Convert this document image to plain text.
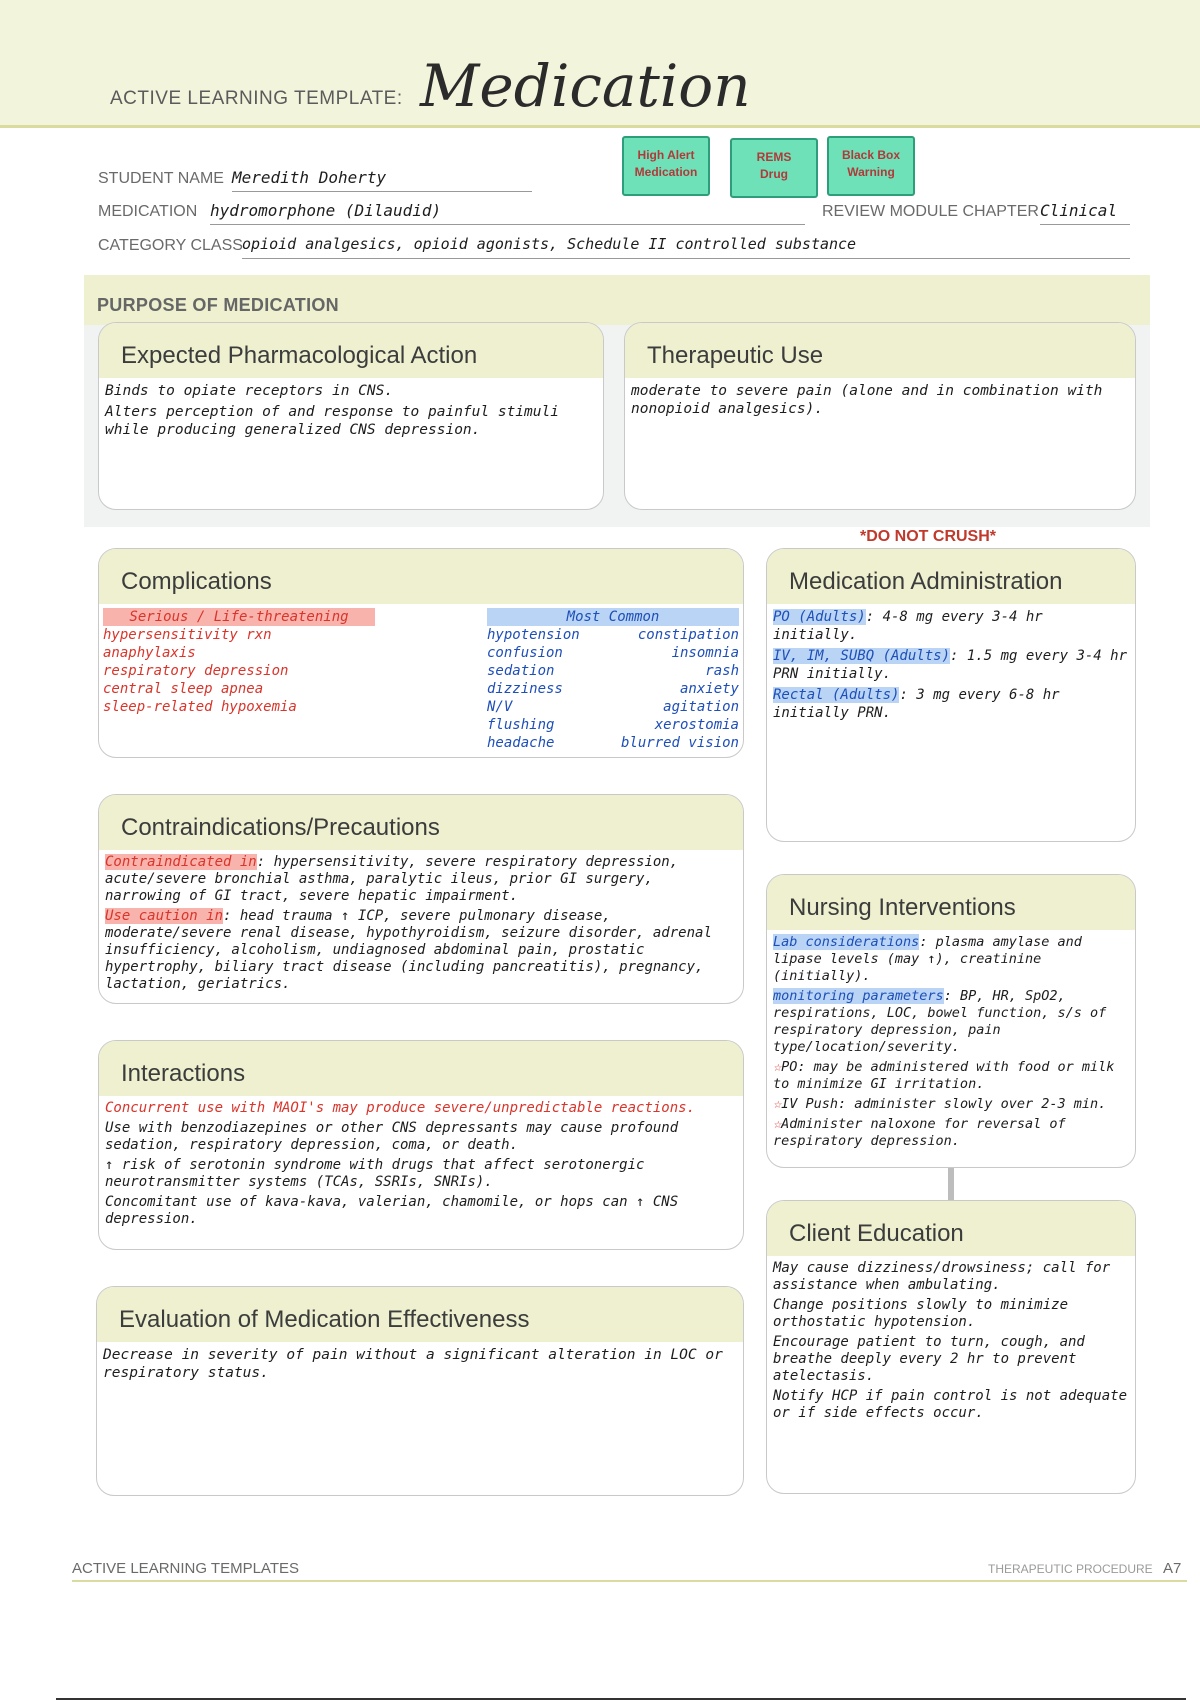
ACTIVE LEARNING TEMPLATE: Medication
High Alert
Medication
REMS
Drug
Black Box
Warning
STUDENT NAME Meredith Doherty
MEDICATION hydromorphone (Dilaudid)	REVIEW MODULE CHAPTER Clinical
CATEGORY CLASS opioid analgesics, opioid agonists, Schedule II controlled substance
PURPOSE OF MEDICATION
Expected Pharmacological Action

Binds to opiate receptors in CNS.

Alters perception of and response to painful stimuli while producing generalized CNS depression.

Therapeutic Use

moderate to severe pain (alone and in combination with nonopioid analgesics).

*DO NOT CRUSH*
Complications
Serious / Life-threatening
hypersensitivity rxn
anaphylaxis
respiratory depression
central sleep apnea
sleep-related hypoxemia
Most Common
hypotension
confusion
sedation
dizziness
N/V
flushing
headache
constipation
insomnia
rash
anxiety
agitation
xerostomia
blurred vision
Medication Administration

PO (Adults): 4-8 mg every 3-4 hr initially.

IV, IM, SUBQ (Adults): 1.5 mg every 3-4 hr PRN initially.

Rectal (Adults): 3 mg every 6-8 hr initially PRN.

Contraindications/Precautions

Contraindicated in: hypersensitivity, severe respiratory depression, acute/severe bronchial asthma, paralytic ileus, prior GI surgery, narrowing of GI tract, severe hepatic impairment.

Use caution in: head trauma ↑ ICP, severe pulmonary disease, moderate/severe renal disease, hypothyroidism, seizure disorder, adrenal insufficiency, alcoholism, undiagnosed abdominal pain, prostatic hypertrophy, biliary tract disease (including pancreatitis), pregnancy, lactation, geriatrics.

Nursing Interventions

Lab considerations: plasma amylase and lipase levels (may ↑), creatinine (initially).

monitoring parameters: BP, HR, SpO2, respirations, LOC, bowel function, s/s of respiratory depression, pain type/location/severity.

☆PO: may be administered with food or milk to minimize GI irritation.

☆IV Push: administer slowly over 2-3 min.

☆Administer naloxone for reversal of respiratory depression.

Interactions

Concurrent use with MAOI's may produce severe/unpredictable reactions.

Use with benzodiazepines or other CNS depressants may cause profound sedation, respiratory depression, coma, or death.

↑ risk of serotonin syndrome with drugs that affect serotonergic neurotransmitter systems (TCAs, SSRIs, SNRIs).

Concomitant use of kava-kava, valerian, chamomile, or hops can ↑ CNS depression.

Client Education

May cause dizziness/drowsiness; call for assistance when ambulating.

Change positions slowly to minimize orthostatic hypotension.

Encourage patient to turn, cough, and breathe deeply every 2 hr to prevent atelectasis.

Notify HCP if pain control is not adequate or if side effects occur.

Evaluation of Medication Effectiveness

Decrease in severity of pain without a significant alteration in LOC or respiratory status.

ACTIVE LEARNING TEMPLATES	THERAPEUTIC PROCEDURE A7
